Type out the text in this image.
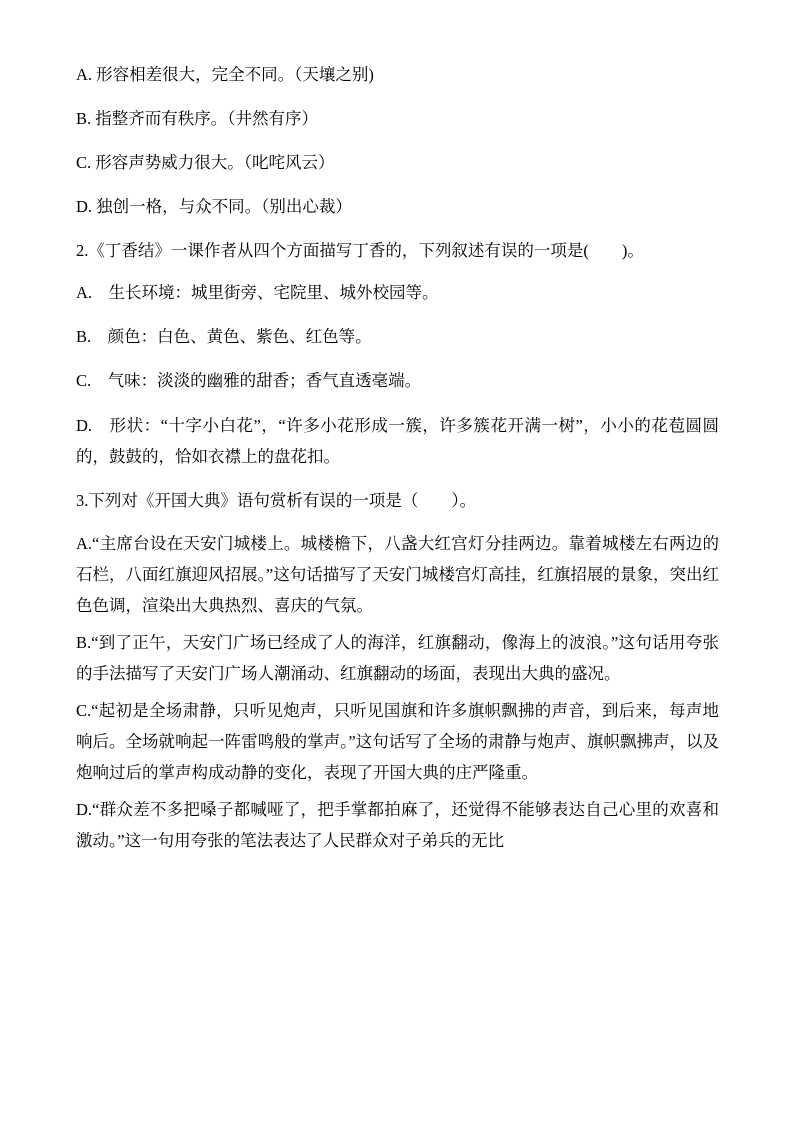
A. 形容相差很大，完全不同。（天壤之别)
B. 指整齐而有秩序。（井然有序）
C. 形容声势威力很大。（叱咤风云）
D. 独创一格，与众不同。（别出心裁）
2.《丁香结》一课作者从四个方面描写丁香的，下列叙述有误的一项是(　　)。
A.　生长环境：城里街旁、宅院里、城外校园等。
B.　颜色：白色、黄色、紫色、红色等。
C.　气味：淡淡的幽雅的甜香；香气直透毫端。
D.　形状：“十字小白花”，“许多小花形成一簇，许多簇花开满一树”，小小的花苞圆圆的，鼓鼓的，恰如衣襟上的盘花扣。
3.下列对《开国大典》语句赏析有误的一项是（　　）。
A.“主席台设在天安门城楼上。城楼檐下，八盏大红宫灯分挂两边。靠着城楼左右两边的石栏，八面红旗迎风招展。”这句话描写了天安门城楼宫灯高挂，红旗招展的景象，突出红色色调，渲染出大典热烈、喜庆的气氛。
B.“到了正午，天安门广场已经成了人的海洋，红旗翻动，像海上的波浪。”这句话用夸张的手法描写了天安门广场人潮涌动、红旗翻动的场面，表现出大典的盛况。
C.“起初是全场肃静，只听见炮声，只听见国旗和许多旗帜飘拂的声音，到后来，每声地响后。全场就响起一阵雷鸣般的掌声。”这句话写了全场的肃静与炮声、旗帜飘拂声，以及炮响过后的掌声构成动静的变化，表现了开国大典的庄严隆重。
D.“群众差不多把嗓子都喊哑了，把手掌都拍麻了，还觉得不能够表达自己心里的欢喜和激动。”这一句用夸张的笔法表达了人民群众对子弟兵的无比
